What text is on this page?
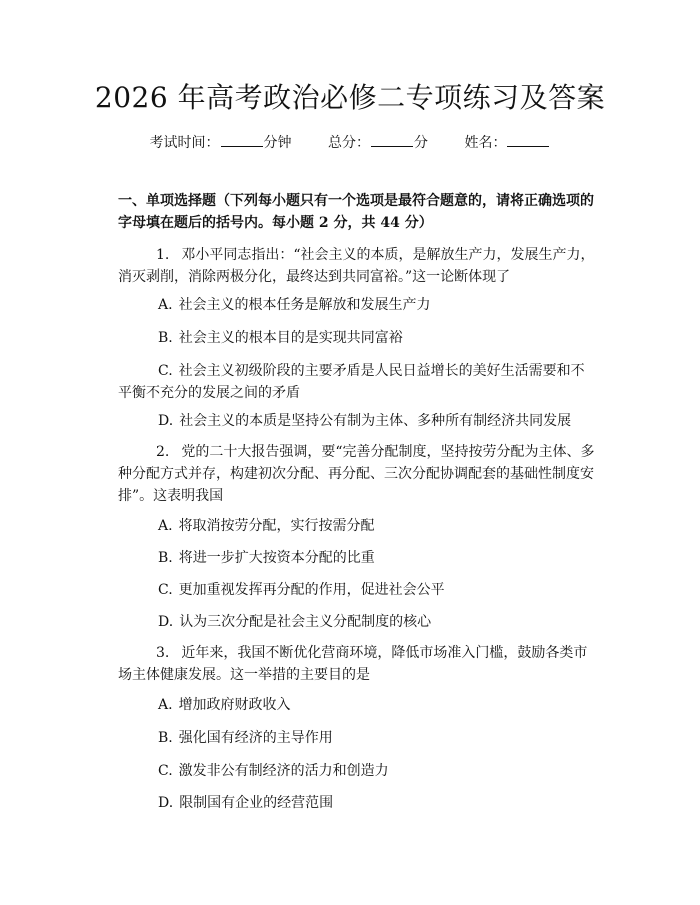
2026 年高考政治必修二专项练习及答案
考试时间：	分钟	总分：	分	姓名：
一、单项选择题（下列每小题只有一个选项是最符合题意的，请将正确选项的字母填在题后的括号内。每小题 2 分，共 44 分）
1. 邓小平同志指出：“社会主义的本质，是解放生产力，发展生产力，消灭剥削，消除两极分化，最终达到共同富裕。”这一论断体现了
A. 社会主义的根本任务是解放和发展生产力
B. 社会主义的根本目的是实现共同富裕
C. 社会主义初级阶段的主要矛盾是人民日益增长的美好生活需要和不平衡不充分的发展之间的矛盾
D. 社会主义的本质是坚持公有制为主体、多种所有制经济共同发展
2. 党的二十大报告强调，要“完善分配制度，坚持按劳分配为主体、多种分配方式并存，构建初次分配、再分配、三次分配协调配套的基础性制度安排”。这表明我国
A. 将取消按劳分配，实行按需分配
B. 将进一步扩大按资本分配的比重
C. 更加重视发挥再分配的作用，促进社会公平
D. 认为三次分配是社会主义分配制度的核心
3. 近年来，我国不断优化营商环境，降低市场准入门槛，鼓励各类市场主体健康发展。这一举措的主要目的是
A. 增加政府财政收入
B. 强化国有经济的主导作用
C. 激发非公有制经济的活力和创造力
D. 限制国有企业的经营范围
